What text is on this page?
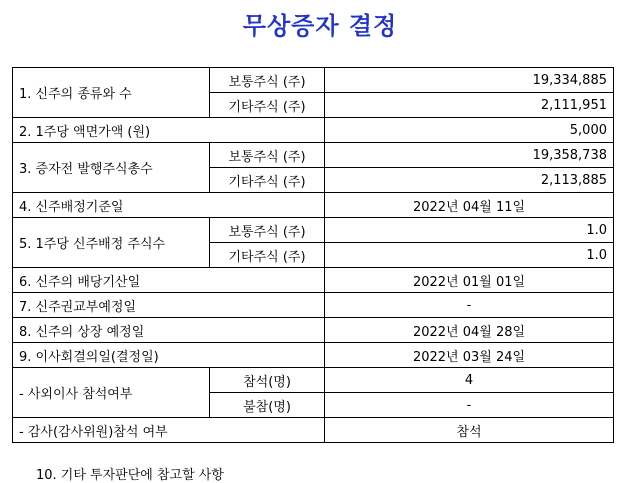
무상증자 결정
1. 신주의 종류와 수	보통주식 (주)	19,334,885
	기타주식 (주)	2,111,951
2. 1주당 액면가액 (원)		5,000
3. 증자전 발행주식총수	보통주식 (주)	19,358,738
	기타주식 (주)	2,113,885
4. 신주배정기준일		2022년 04월 11일
5. 1주당 신주배정 주식수	보통주식 (주)	1.0
	기타주식 (주)	1.0
6. 신주의 배당기산일		2022년 01월 01일
7. 신주권교부예정일		-
8. 신주의 상장 예정일		2022년 04월 28일
9. 이사회결의일(결정일)		2022년 03월 24일
- 사외이사 참석여부	참석(명)	4
	불참(명)	-
- 감사(감사위원)참석 여부		참석
10. 기타 투자판단에 참고할 사항
